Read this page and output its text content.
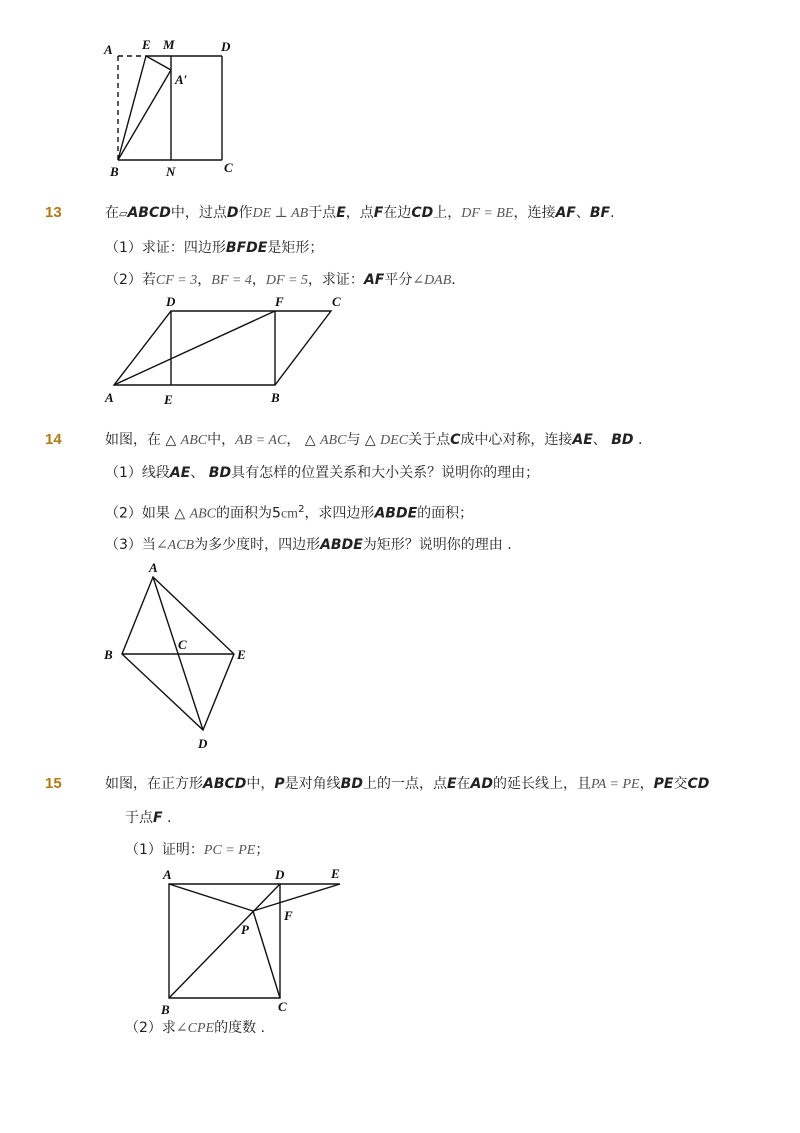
A E M	D
A′
B	N	C
13	在▱ABCD中，过点D作DE ⊥ AB于点E，点F在边CD上，DF = BE，连接AF、BF.
（1）求证：四边形BFDE是矩形；
（2）若CF = 3，BF = 4，DF = 5，求证：AF平分∠DAB.
D	F	C
A	E	B
14	如图，在 △ ABC中，AB = AC， △ ABC与 △ DEC关于点C成中心对称，连接AE、 BD .
（1）线段AE、 BD具有怎样的位置关系和大小关系？说明你的理由；
（2）如果 △ ABC的面积为$5cm^2$，求四边形ABDE的面积；
（3）当∠ACB为多少度时，四边形ABDE为矩形？说明你的理由 .
A
B
C
E
D
15	如图，在正方形ABCD中，P是对角线BD上的一点，点E在AD的延长线上，且PA = PE，PE交CD
于点F .
（1）证明：PC = PE；
A	D	E
F
P
B	C
（2）求∠CPE的度数 .
